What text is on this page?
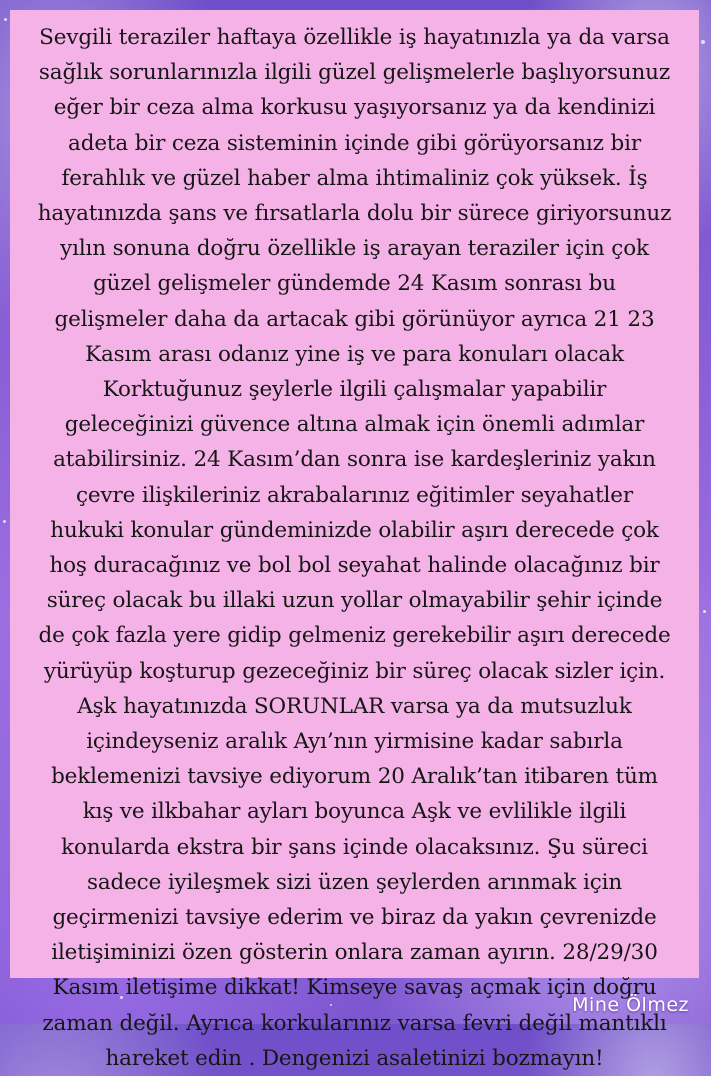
Sevgili teraziler haftaya özellikle iş hayatınızla ya da varsa
sağlık sorunlarınızla ilgili güzel gelişmelerle başlıyorsunuz
eğer bir ceza alma korkusu yaşıyorsanız ya da kendinizi
adeta bir ceza sisteminin içinde gibi görüyorsanız bir
ferahlık ve güzel haber alma ihtimaliniz çok yüksek. İş
hayatınızda şans ve fırsatlarla dolu bir sürece giriyorsunuz
yılın sonuna doğru özellikle iş arayan teraziler için çok
güzel gelişmeler gündemde 24 Kasım sonrası bu
gelişmeler daha da artacak gibi görünüyor ayrıca 21 23
Kasım arası odanız yine iş ve para konuları olacak
Korktuğunuz şeylerle ilgili çalışmalar yapabilir
geleceğinizi güvence altına almak için önemli adımlar
atabilirsiniz. 24 Kasım’dan sonra ise kardeşleriniz yakın
çevre ilişkileriniz akrabalarınız eğitimler seyahatler
hukuki konular gündeminizde olabilir aşırı derecede çok
hoş duracağınız ve bol bol seyahat halinde olacağınız bir
süreç olacak bu illaki uzun yollar olmayabilir şehir içinde
de çok fazla yere gidip gelmeniz gerekebilir aşırı derecede
yürüyüp koşturup gezeceğiniz bir süreç olacak sizler için.
Aşk hayatınızda SORUNLAR varsa ya da mutsuzluk
içindeyseniz aralık Ayı’nın yirmisine kadar sabırla
beklemenizi tavsiye ediyorum 20 Aralık’tan itibaren tüm
kış ve ilkbahar ayları boyunca Aşk ve evlilikle ilgili
konularda ekstra bir şans içinde olacaksınız. Şu süreci
sadece iyileşmek sizi üzen şeylerden arınmak için
geçirmenizi tavsiye ederim ve biraz da yakın çevrenizde
iletişiminizi özen gösterin onlara zaman ayırın. 28/29/30
Kasım iletişime dikkat! Kimseye savaş açmak için doğru
zaman değil. Ayrıca korkularınız varsa fevri değil mantıklı
hareket edin . Dengenizi asaletinizi bozmayın!

Mine Ölmez
